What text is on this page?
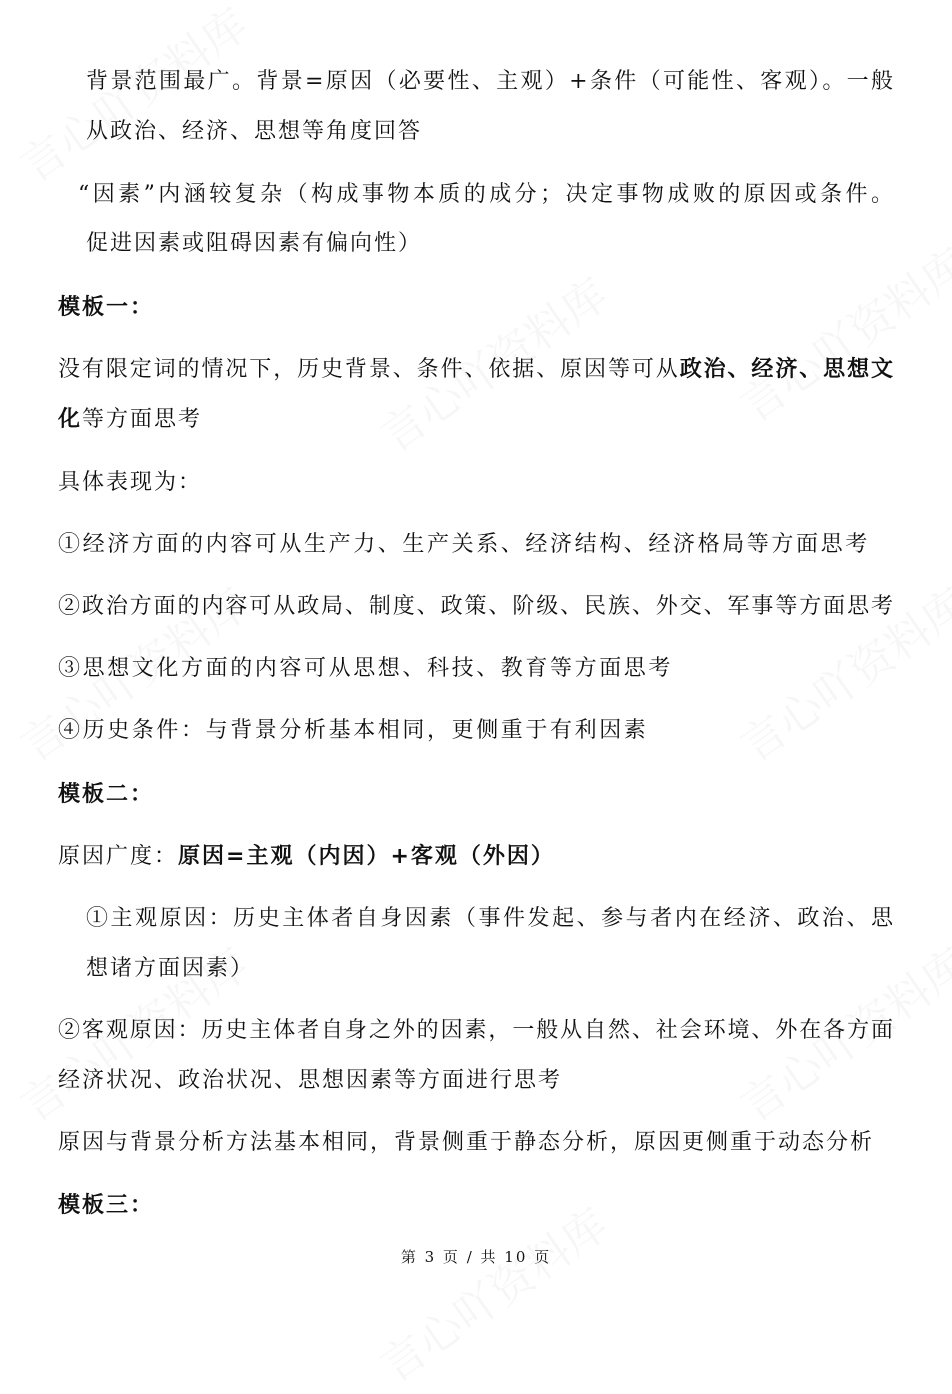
背景范围最广。背景=原因（必要性、主观）+条件（可能性、客观）。一般
从政治、经济、思想等角度回答
“因素”内涵较复杂（构成事物本质的成分；决定事物成败的原因或条件。
促进因素或阻碍因素有偏向性）
模板一：
没有限定词的情况下，历史背景、条件、依据、原因等可从政治、经济、思想文
化等方面思考
具体表现为：
①经济方面的内容可从生产力、生产关系、经济结构、经济格局等方面思考
②政治方面的内容可从政局、制度、政策、阶级、民族、外交、军事等方面思考
③思想文化方面的内容可从思想、科技、教育等方面思考
④历史条件：与背景分析基本相同，更侧重于有利因素
模板二：
原因广度：原因=主观（内因）+客观（外因）
①主观原因：历史主体者自身因素（事件发起、参与者内在经济、政治、思
想诸方面因素）
②客观原因：历史主体者自身之外的因素，一般从自然、社会环境、外在各方面
经济状况、政治状况、思想因素等方面进行思考
原因与背景分析方法基本相同，背景侧重于静态分析，原因更侧重于动态分析
模板三：
第 3 页 / 共 10 页
